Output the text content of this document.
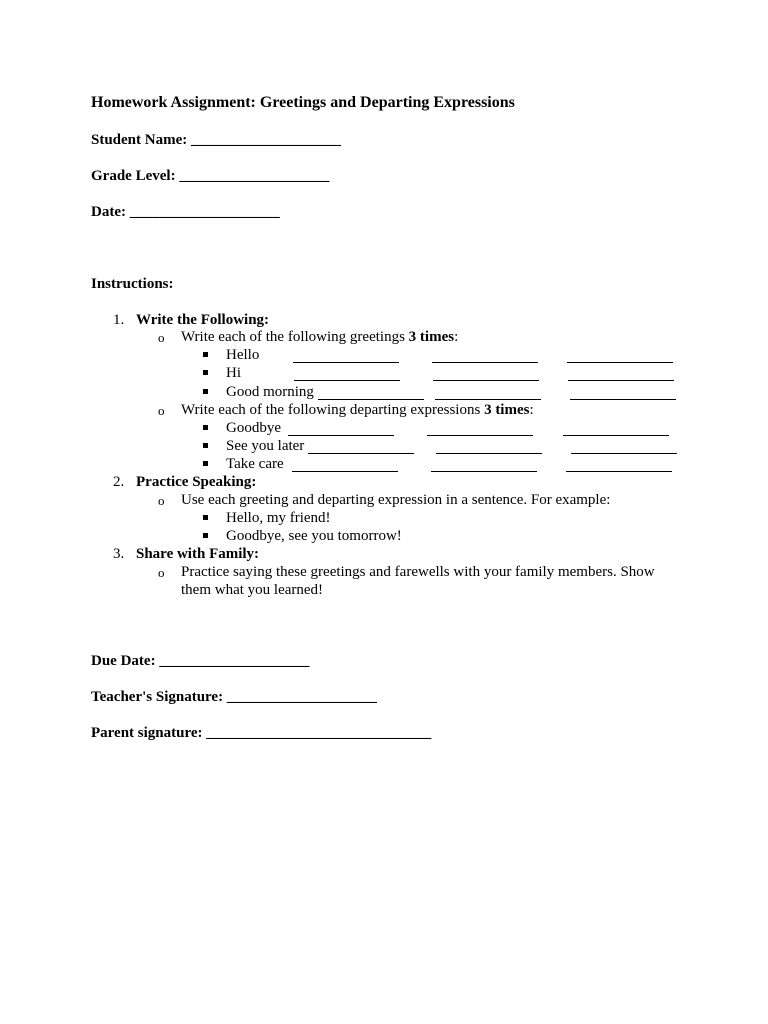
Homework Assignment: Greetings and Departing Expressions
Student Name: ____________________
Grade Level: ____________________
Date: ____________________
Instructions:
1. Write the Following:
o Write each of the following greetings 3 times:
Hello
Hi
Good morning
o Write each of the following departing expressions 3 times:
Goodbye
See you later
Take care
2. Practice Speaking:
o Use each greeting and departing expression in a sentence. For example:
Hello, my friend!
Goodbye, see you tomorrow!
3. Share with Family:
o Practice saying these greetings and farewells with your family members. Show them what you learned!
Due Date: ____________________
Teacher's Signature: ____________________
Parent signature: ______________________________
